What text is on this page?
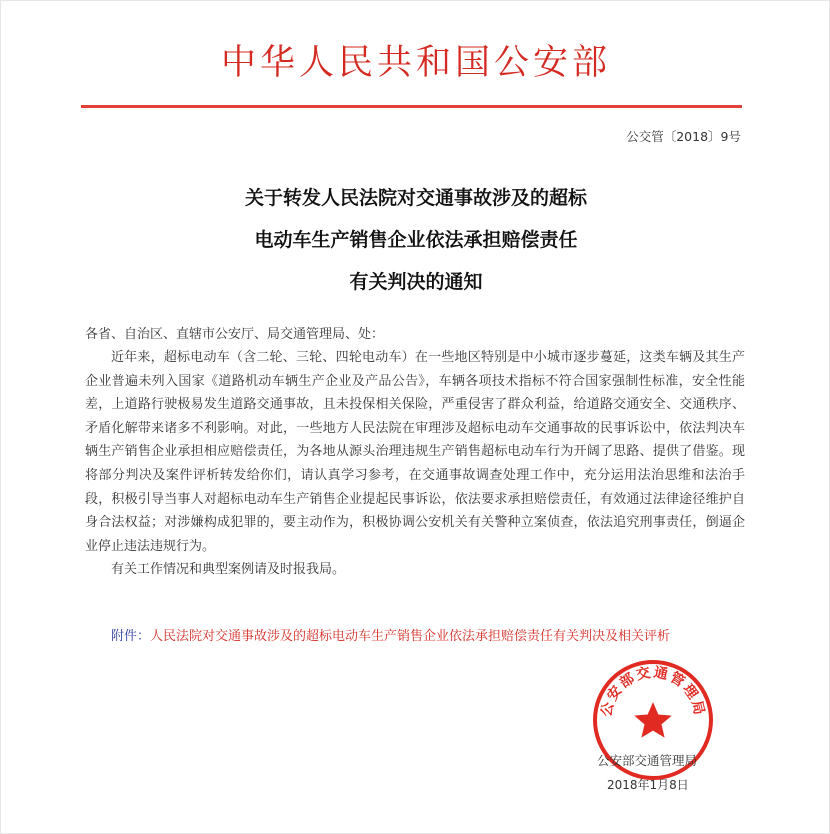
中华人民共和国公安部
公交管〔2018〕9号
关于转发人民法院对交通事故涉及的超标
电动车生产销售企业依法承担赔偿责任
有关判决的通知
各省、自治区、直辖市公安厅、局交通管理局、处：

近年来，超标电动车（含二轮、三轮、四轮电动车）在一些地区特别是中小城市逐步蔓延，这类车辆及其生产企业普遍未列入国家《道路机动车辆生产企业及产品公告》，车辆各项技术指标不符合国家强制性标准，安全性能差，上道路行驶极易发生道路交通事故，且未投保相关保险，严重侵害了群众利益，给道路交通安全、交通秩序、矛盾化解带来诸多不利影响。对此，一些地方人民法院在审理涉及超标电动车交通事故的民事诉讼中，依法判决车辆生产销售企业承担相应赔偿责任，为各地从源头治理违规生产销售超标电动车行为开阔了思路、提供了借鉴。现将部分判决及案件评析转发给你们，请认真学习参考，在交通事故调查处理工作中，充分运用法治思维和法治手段，积极引导当事人对超标电动车生产销售企业提起民事诉讼，依法要求承担赔偿责任，有效通过法律途径维护自身合法权益；对涉嫌构成犯罪的，要主动作为，积极协调公安机关有关警种立案侦查，依法追究刑事责任，倒逼企业停止违法违规行为。

有关工作情况和典型案例请及时报我局。

附件：人民法院对交通事故涉及的超标电动车生产销售企业依法承担赔偿责任有关判决及相关评析
公安部交通管理局
公安部交通管理局
2018年1月8日
